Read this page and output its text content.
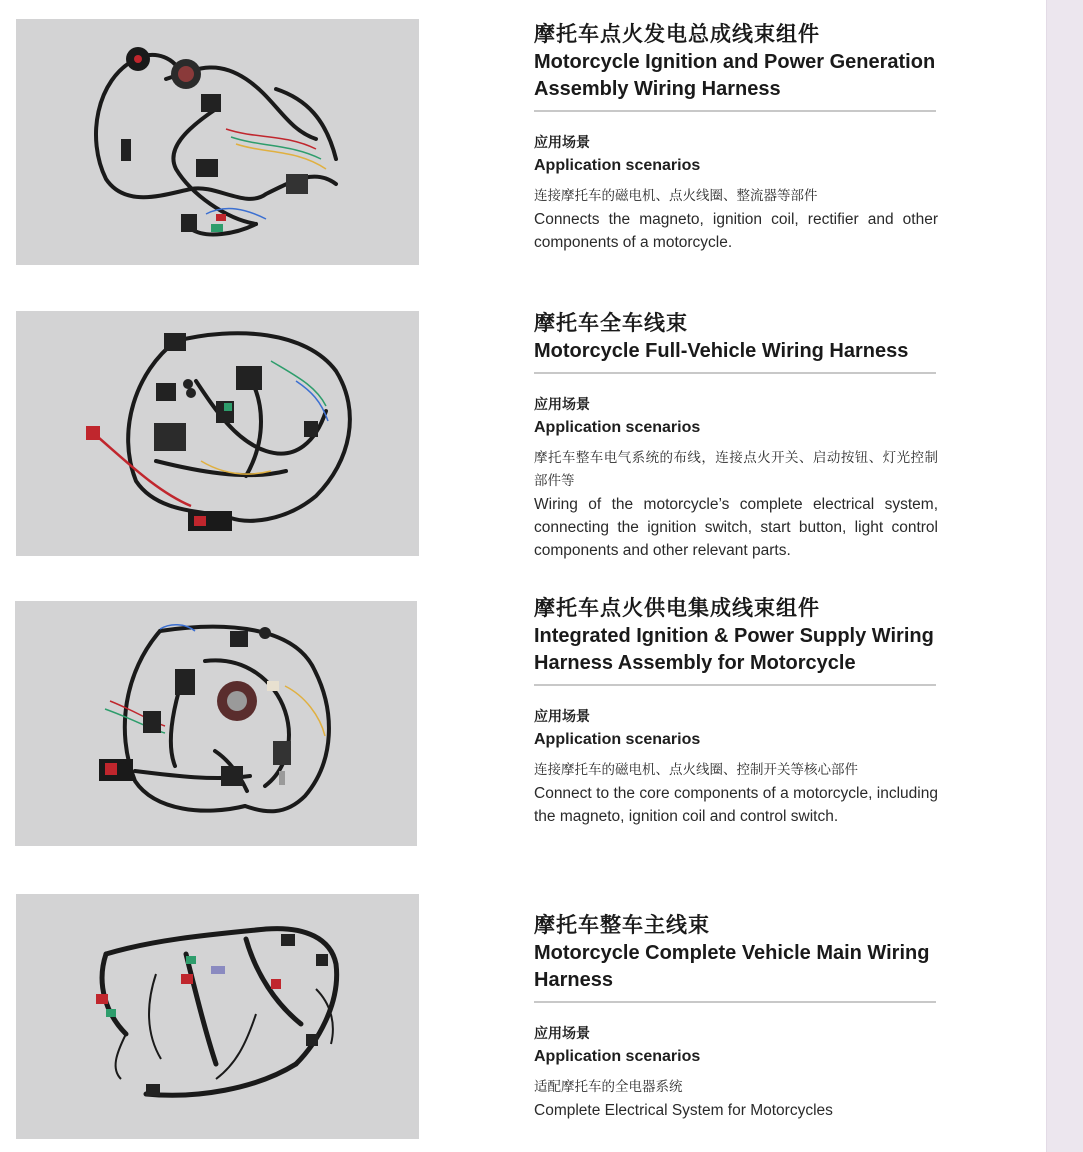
摩托车点火发电总成线束组件
Motorcycle Ignition and Power Generation Assembly Wiring Harness
应用场景
Application scenarios
连接摩托车的磁电机、点火线圈、整流器等部件
Connects the magneto, ignition coil, rectifier and other components of a motorcycle.
摩托车全车线束
Motorcycle Full-Vehicle Wiring Harness
应用场景
Application scenarios
摩托车整车电气系统的布线，连接点火开关、启动按钮、灯光控制部件等
Wiring of the motorcycle’s complete electrical system, connecting the ignition switch, start button, light control components and other relevant parts.
摩托车点火供电集成线束组件
Integrated Ignition & Power Supply Wiring Harness Assembly for Motorcycle
应用场景
Application scenarios
连接摩托车的磁电机、点火线圈、控制开关等核心部件
Connect to the core components of a motorcycle, including the magneto, ignition coil and control switch.
摩托车整车主线束
Motorcycle Complete Vehicle Main Wiring Harness
应用场景
Application scenarios
适配摩托车的全电器系统
Complete Electrical System for Motorcycles
